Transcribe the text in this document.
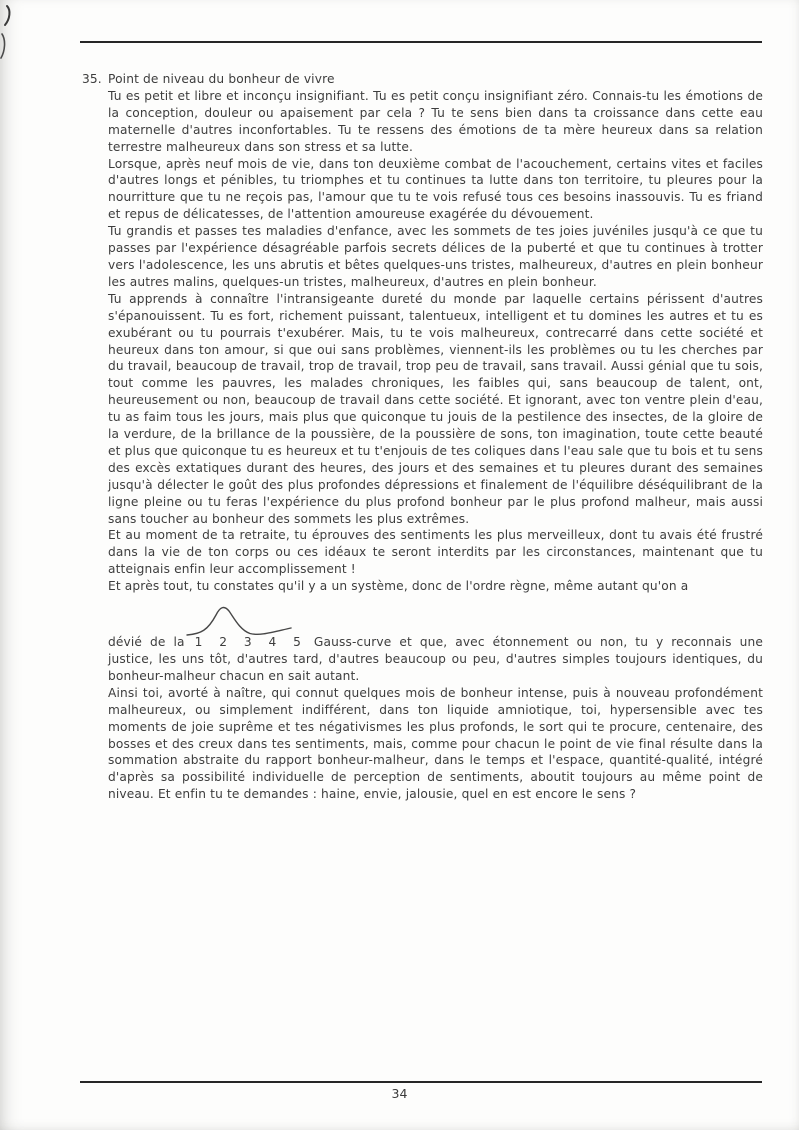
35. Point de niveau du bonheur de vivre

Tu es petit et libre et inconçu insignifiant. Tu es petit conçu insignifiant zéro. Connais-tu les émotions de la conception, douleur ou apaisement par cela ? Tu te sens bien dans ta croissance dans cette eau maternelle d'autres inconfortables. Tu te ressens des émotions de ta mère heureux dans sa relation terrestre malheureux dans son stress et sa lutte.

Lorsque, après neuf mois de vie, dans ton deuxième combat de l'acouchement, certains vites et faciles d'autres longs et pénibles, tu triomphes et tu continues ta lutte dans ton territoire, tu pleures pour la nourritture que tu ne reçois pas, l'amour que tu te vois refusé tous ces besoins inassouvis. Tu es friand et repus de délicatesses, de l'attention amoureuse exagérée du dévouement.

Tu grandis et passes tes maladies d'enfance, avec les sommets de tes joies juvéniles jusqu'à ce que tu passes par l'expérience désagréable parfois secrets délices de la puberté et que tu continues à trotter vers l'adolescence, les uns abrutis et bêtes quelques-uns tristes, malheureux, d'autres en plein bonheur les autres malins, quelques-un tristes, malheureux, d'autres en plein bonheur.

Tu apprends à connaître l'intransigeante dureté du monde par laquelle certains périssent d'autres s'épanouissent. Tu es fort, richement puissant, talentueux, intelligent et tu domines les autres et tu es exubérant ou tu pourrais t'exubérer. Mais, tu te vois malheureux, contrecarré dans cette société et heureux dans ton amour, si que oui sans problèmes, viennent-ils les problèmes ou tu les cherches par du travail, beaucoup de travail, trop de travail, trop peu de travail, sans travail. Aussi génial que tu sois, tout comme les pauvres, les malades chroniques, les faibles qui, sans beaucoup de talent, ont, heureusement ou non, beaucoup de travail dans cette société. Et ignorant, avec ton ventre plein d'eau, tu as faim tous les jours, mais plus que quiconque tu jouis de la pestilence des insectes, de la gloire de la verdure, de la brillance de la poussière, de la poussière de sons, ton imagination, toute cette beauté et plus que quiconque tu es heureux et tu t'enjouis de tes coliques dans l'eau sale que tu bois et tu sens des excès extatiques durant des heures, des jours et des semaines et tu pleures durant des semaines jusqu'à délecter le goût des plus profondes dépressions et finalement de l'équilibre déséquilibrant de la ligne pleine ou tu feras l'expérience du plus profond bonheur par le plus profond malheur, mais aussi sans toucher au bonheur des sommets les plus extrêmes.

Et au moment de ta retraite, tu éprouves des sentiments les plus merveilleux, dont tu avais été frustré dans la vie de ton corps ou ces idéaux te seront interdits par les circonstances, maintenant que tu atteignais enfin leur accomplissement !

Et après tout, tu constates qu'il y a un système, donc de l'ordre règne, même autant qu'on a

dévié de la 1 2 3 4 5 Gauss-curve et que, avec étonnement ou non, tu y reconnais une justice, les uns tôt, d'autres tard, d'autres beaucoup ou peu, d'autres simples toujours identiques, du bonheur-malheur chacun en sait autant.

Ainsi toi, avorté à naître, qui connut quelques mois de bonheur intense, puis à nouveau profondément malheureux, ou simplement indifférent, dans ton liquide amniotique, toi, hypersensible avec tes moments de joie suprême et tes négativismes les plus profonds, le sort qui te procure, centenaire, des bosses et des creux dans tes sentiments, mais, comme pour chacun le point de vie final résulte dans la sommation abstraite du rapport bonheur-malheur, dans le temps et l'espace, quantité-qualité, intégré d'après sa possibilité individuelle de perception de sentiments, aboutit toujours au même point de niveau. Et enfin tu te demandes : haine, envie, jalousie, quel en est encore le sens ?

34
